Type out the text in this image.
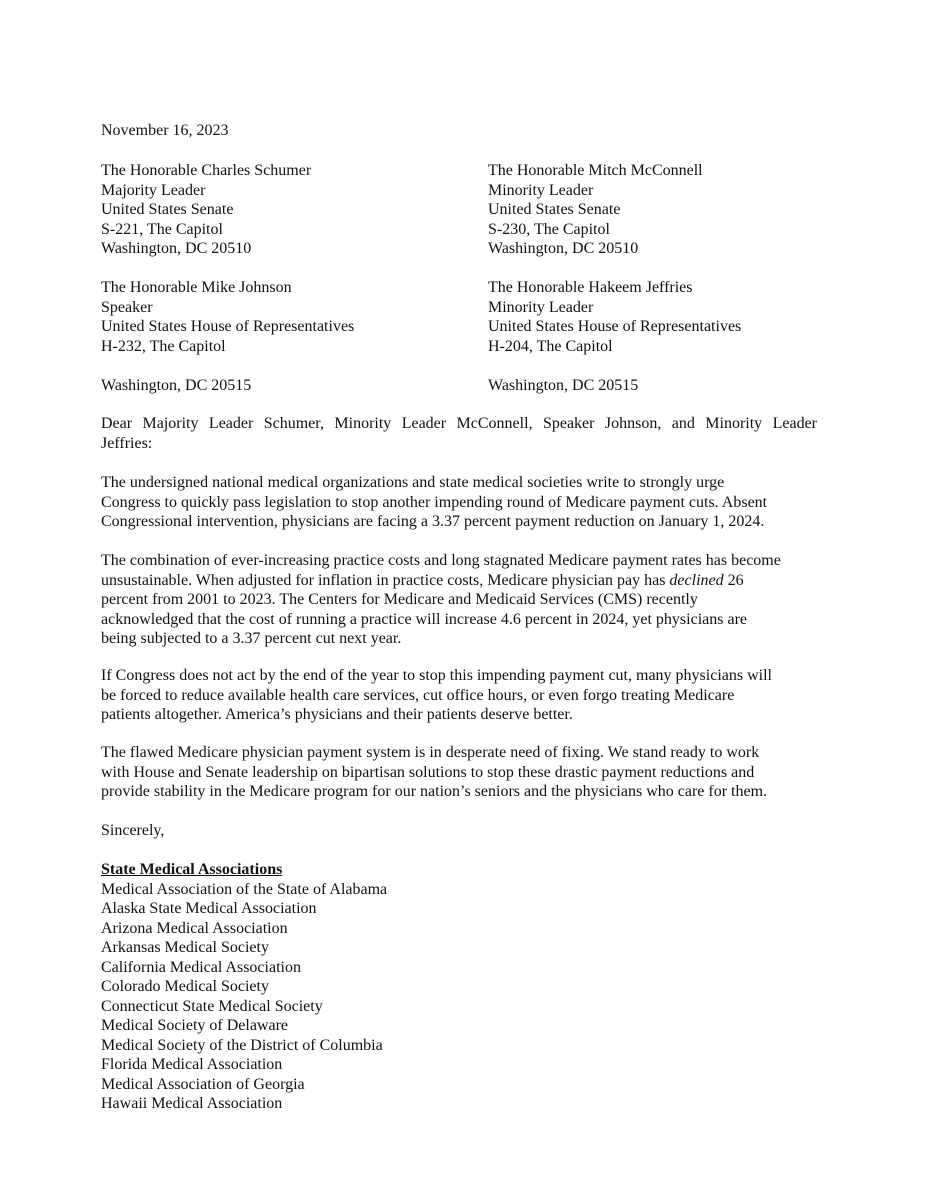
November 16, 2023
The Honorable Charles Schumer
Majority Leader
United States Senate
S-221, The Capitol
Washington, DC 20510
The Honorable Mitch McConnell
Minority Leader
United States Senate
S-230, The Capitol
Washington, DC 20510
The Honorable Mike Johnson
Speaker
United States House of Representatives
H-232, The Capitol
Washington, DC 20515
The Honorable Hakeem Jeffries
Minority Leader
United States House of Representatives
H-204, The Capitol
Washington, DC 20515
Dear Majority Leader Schumer, Minority Leader McConnell, Speaker Johnson, and Minority Leader
Jeffries:
The undersigned national medical organizations and state medical societies write to strongly urge
Congress to quickly pass legislation to stop another impending round of Medicare payment cuts. Absent
Congressional intervention, physicians are facing a 3.37 percent payment reduction on January 1, 2024.
The combination of ever-increasing practice costs and long stagnated Medicare payment rates has become
unsustainable. When adjusted for inflation in practice costs, Medicare physician pay has declined 26
percent from 2001 to 2023. The Centers for Medicare and Medicaid Services (CMS) recently
acknowledged that the cost of running a practice will increase 4.6 percent in 2024, yet physicians are
being subjected to a 3.37 percent cut next year.
If Congress does not act by the end of the year to stop this impending payment cut, many physicians will
be forced to reduce available health care services, cut office hours, or even forgo treating Medicare
patients altogether. America’s physicians and their patients deserve better.
The flawed Medicare physician payment system is in desperate need of fixing. We stand ready to work
with House and Senate leadership on bipartisan solutions to stop these drastic payment reductions and
provide stability in the Medicare program for our nation’s seniors and the physicians who care for them.
Sincerely,
State Medical Associations
Medical Association of the State of Alabama
Alaska State Medical Association
Arizona Medical Association
Arkansas Medical Society
California Medical Association
Colorado Medical Society
Connecticut State Medical Society
Medical Society of Delaware
Medical Society of the District of Columbia
Florida Medical Association
Medical Association of Georgia
Hawaii Medical Association
